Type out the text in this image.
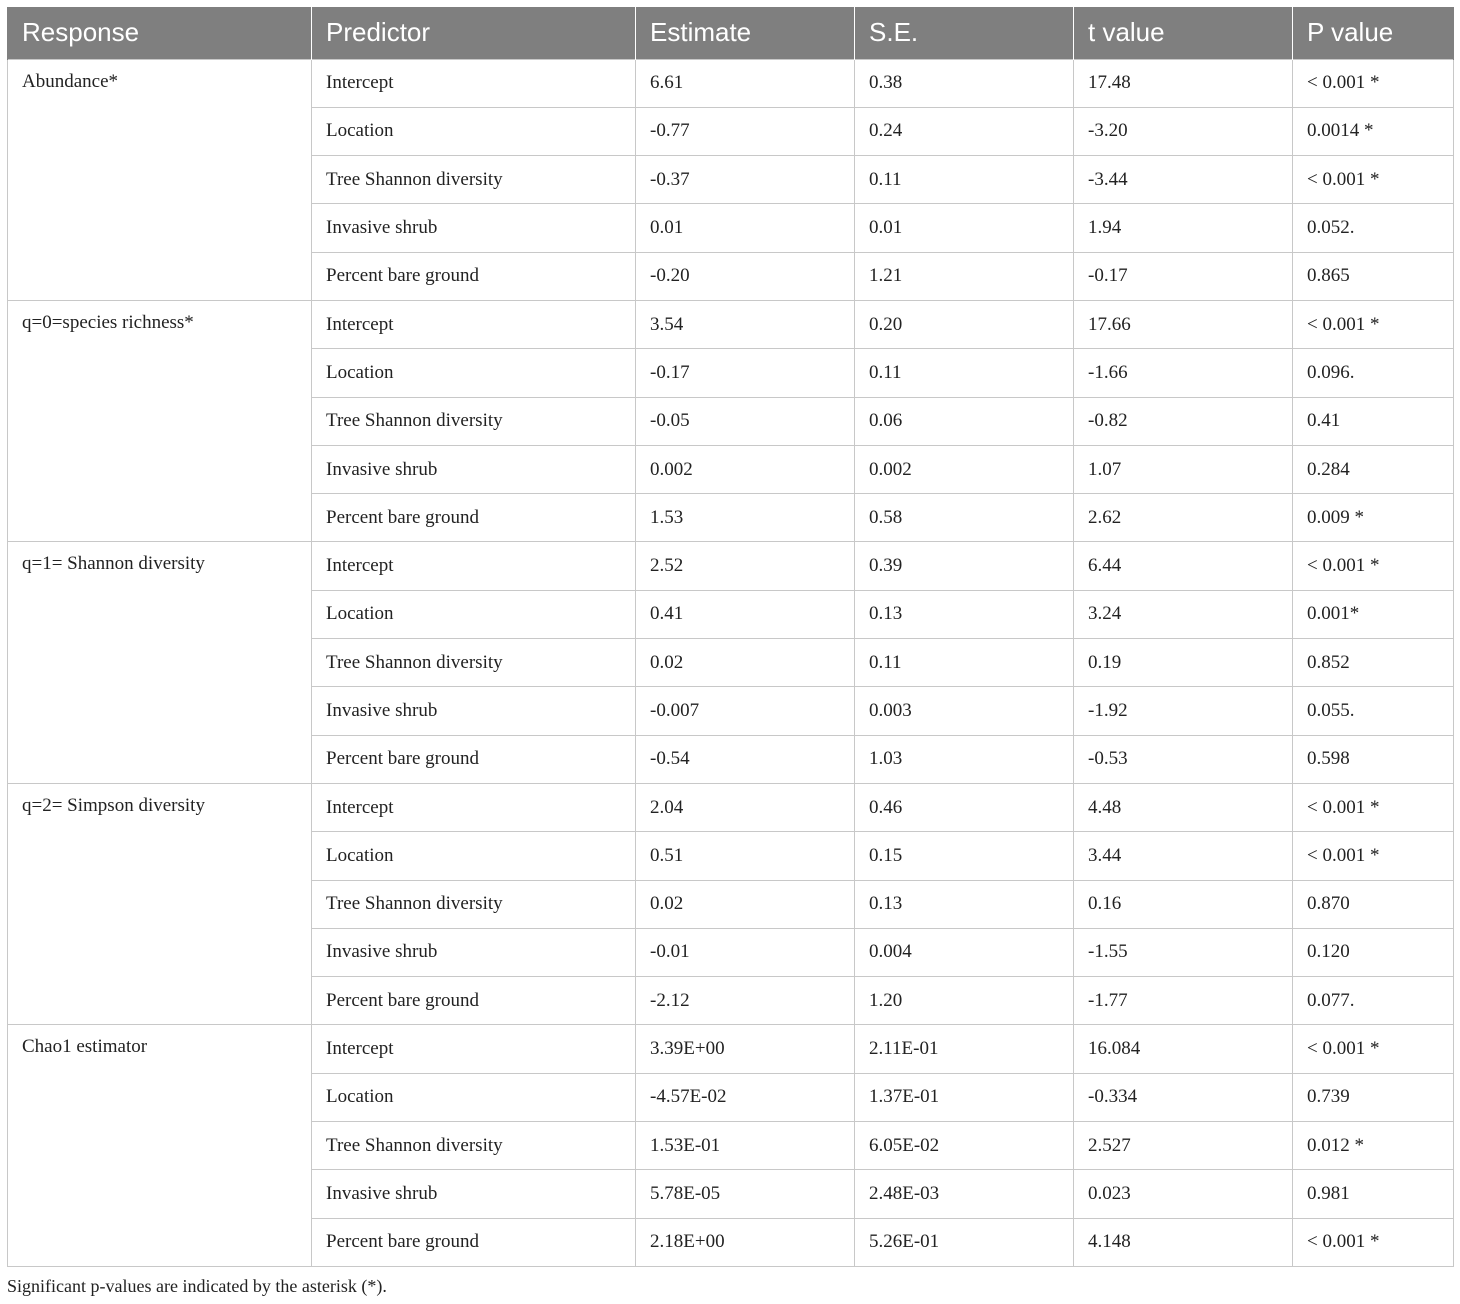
Response	Predictor	Estimate	S.E.	t value	P value
Abundance*	Intercept	6.61	0.38	17.48	< 0.001 *
	Location	-0.77	0.24	-3.20	0.0014 *
	Tree Shannon diversity	-0.37	0.11	-3.44	< 0.001 *
	Invasive shrub	0.01	0.01	1.94	0.052.
	Percent bare ground	-0.20	1.21	-0.17	0.865
q=0=species richness*	Intercept	3.54	0.20	17.66	< 0.001 *
	Location	-0.17	0.11	-1.66	0.096.
	Tree Shannon diversity	-0.05	0.06	-0.82	0.41
	Invasive shrub	0.002	0.002	1.07	0.284
	Percent bare ground	1.53	0.58	2.62	0.009 *
q=1= Shannon diversity	Intercept	2.52	0.39	6.44	< 0.001 *
	Location	0.41	0.13	3.24	0.001*
	Tree Shannon diversity	0.02	0.11	0.19	0.852
	Invasive shrub	-0.007	0.003	-1.92	0.055.
	Percent bare ground	-0.54	1.03	-0.53	0.598
q=2= Simpson diversity	Intercept	2.04	0.46	4.48	< 0.001 *
	Location	0.51	0.15	3.44	< 0.001 *
	Tree Shannon diversity	0.02	0.13	0.16	0.870
	Invasive shrub	-0.01	0.004	-1.55	0.120
	Percent bare ground	-2.12	1.20	-1.77	0.077.
Chao1 estimator	Intercept	3.39E+00	2.11E-01	16.084	< 0.001 *
	Location	-4.57E-02	1.37E-01	-0.334	0.739
	Tree Shannon diversity	1.53E-01	6.05E-02	2.527	0.012 *
	Invasive shrub	5.78E-05	2.48E-03	0.023	0.981
	Percent bare ground	2.18E+00	5.26E-01	4.148	< 0.001 *
Significant p-values are indicated by the asterisk (*).
